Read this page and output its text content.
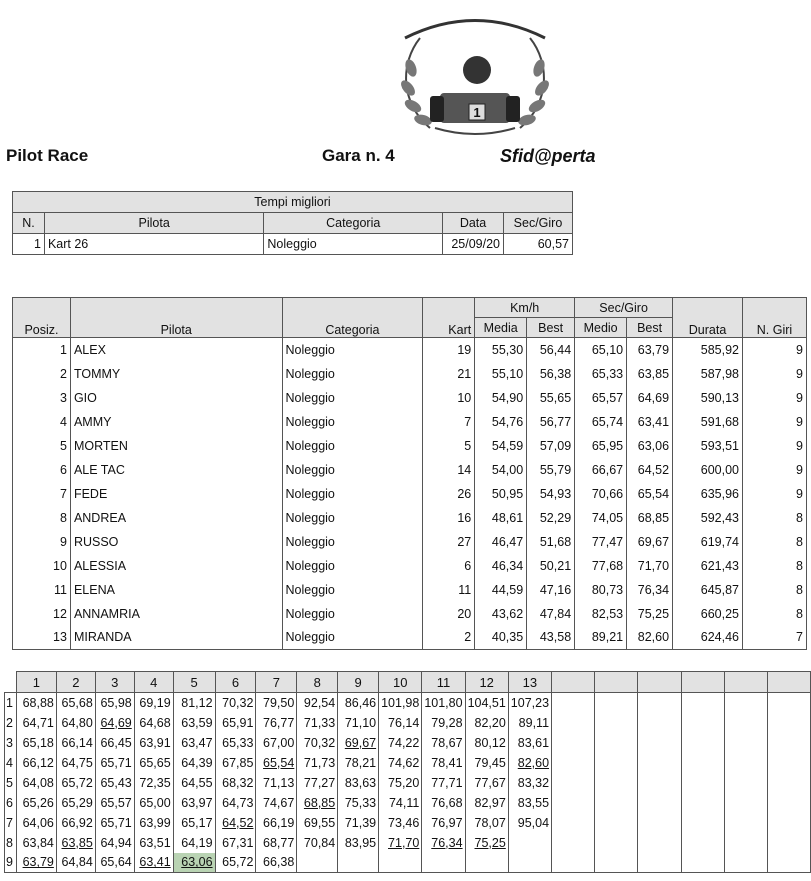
1
Pilot Race	Gara n. 4	Sfid@perta
Tempi migliori				
N.	Pilota	Categoria	Data	Sec/Giro
1	Kart 26	Noleggio	25/09/20	60,57
Posiz.	Pilota	Categoria	Kart	Km/h		Sec/Giro		Durata	N. Giri
				Media	Best	Medio	Best		
1	ALEX	Noleggio	19	55,30	56,44	65,10	63,79	585,92	9
2	TOMMY	Noleggio	21	55,10	56,38	65,33	63,85	587,98	9
3	GIO	Noleggio	10	54,90	55,65	65,57	64,69	590,13	9
4	AMMY	Noleggio	7	54,76	56,77	65,74	63,41	591,68	9
5	MORTEN	Noleggio	5	54,59	57,09	65,95	63,06	593,51	9
6	ALE TAC	Noleggio	14	54,00	55,79	66,67	64,52	600,00	9
7	FEDE	Noleggio	26	50,95	54,93	70,66	65,54	635,96	9
8	ANDREA	Noleggio	16	48,61	52,29	74,05	68,85	592,43	8
9	RUSSO	Noleggio	27	46,47	51,68	77,47	69,67	619,74	8
10	ALESSIA	Noleggio	6	46,34	50,21	77,68	71,70	621,43	8
11	ELENA	Noleggio	11	44,59	47,16	80,73	76,34	645,87	8
12	ANNAMRIA	Noleggio	20	43,62	47,84	82,53	75,25	660,25	8
13	MIRANDA	Noleggio	2	40,35	43,58	89,21	82,60	624,46	7
	1	2	3	4	5	6	7	8	9	10	11	12	13						
1	68,88	65,68	65,98	69,19	81,12	70,32	79,50	92,54	86,46	101,98	101,80	104,51	107,23						
2	64,71	64,80	64,69	64,68	63,59	65,91	76,77	71,33	71,10	76,14	79,28	82,20	89,11						
3	65,18	66,14	66,45	63,91	63,47	65,33	67,00	70,32	69,67	74,22	78,67	80,12	83,61						
4	66,12	64,75	65,71	65,65	64,39	67,85	65,54	71,73	78,21	74,62	78,41	79,45	82,60						
5	64,08	65,72	65,43	72,35	64,55	68,32	71,13	77,27	83,63	75,20	77,71	77,67	83,32						
6	65,26	65,29	65,57	65,00	63,97	64,73	74,67	68,85	75,33	74,11	76,68	82,97	83,55						
7	64,06	66,92	65,71	63,99	65,17	64,52	66,19	69,55	71,39	73,46	76,97	78,07	95,04						
8	63,84	63,85	64,94	63,51	64,19	67,31	68,77	70,84	83,95	71,70	76,34	75,25							
9	63,79	64,84	65,64	63,41	63,06	65,72	66,38												
